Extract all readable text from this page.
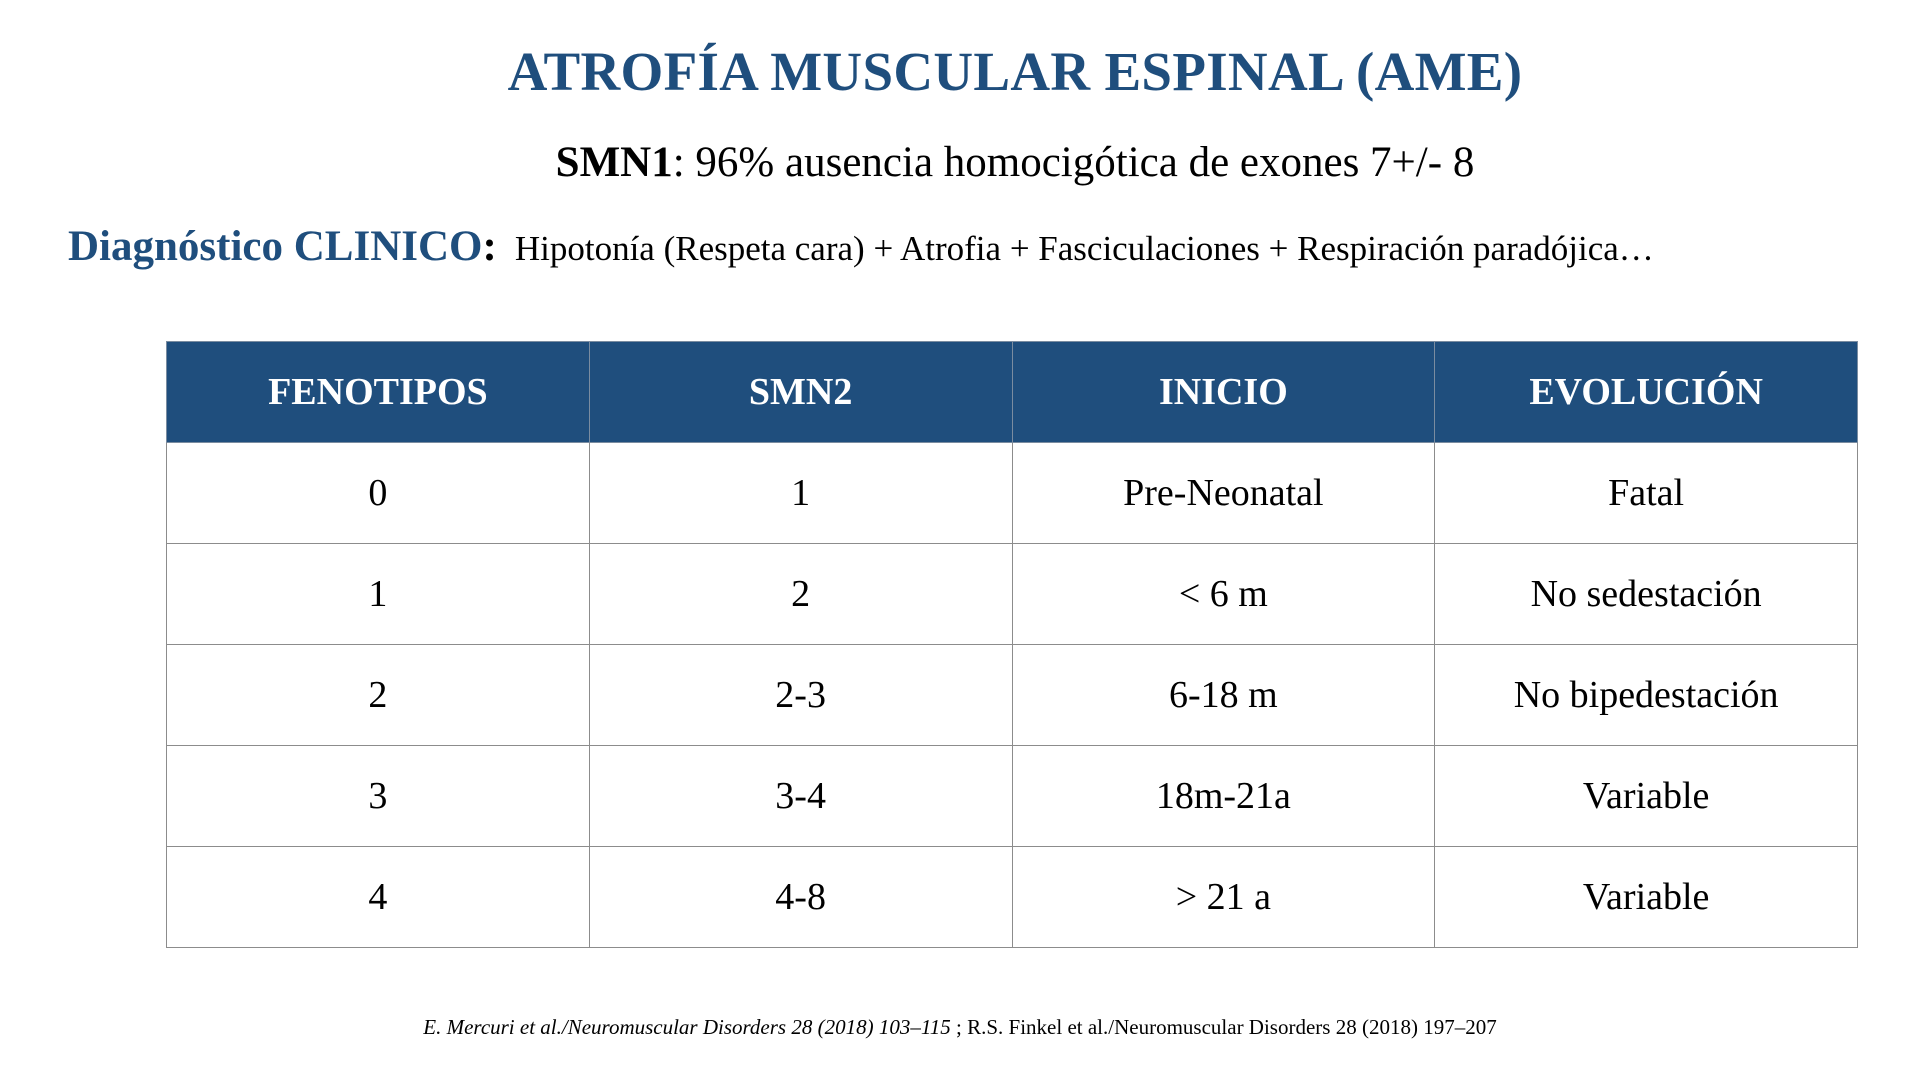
ATROFÍA MUSCULAR ESPINAL (AME)
SMN1: 96% ausencia homocigótica de exones 7+/- 8
Diagnóstico CLINICO: Hipotonía (Respeta cara) + Atrofia + Fasciculaciones + Respiración paradójica…
FENOTIPOS	SMN2	INICIO	EVOLUCIÓN
0	1	Pre-Neonatal	Fatal
1	2	< 6 m	No sedestación
2	2-3	6-18 m	No bipedestación
3	3-4	18m-21a	Variable
4	4-8	> 21 a	Variable
E. Mercuri et al./Neuromuscular Disorders 28 (2018) 103–115 ; R.S. Finkel et al./Neuromuscular Disorders 28 (2018) 197–207
